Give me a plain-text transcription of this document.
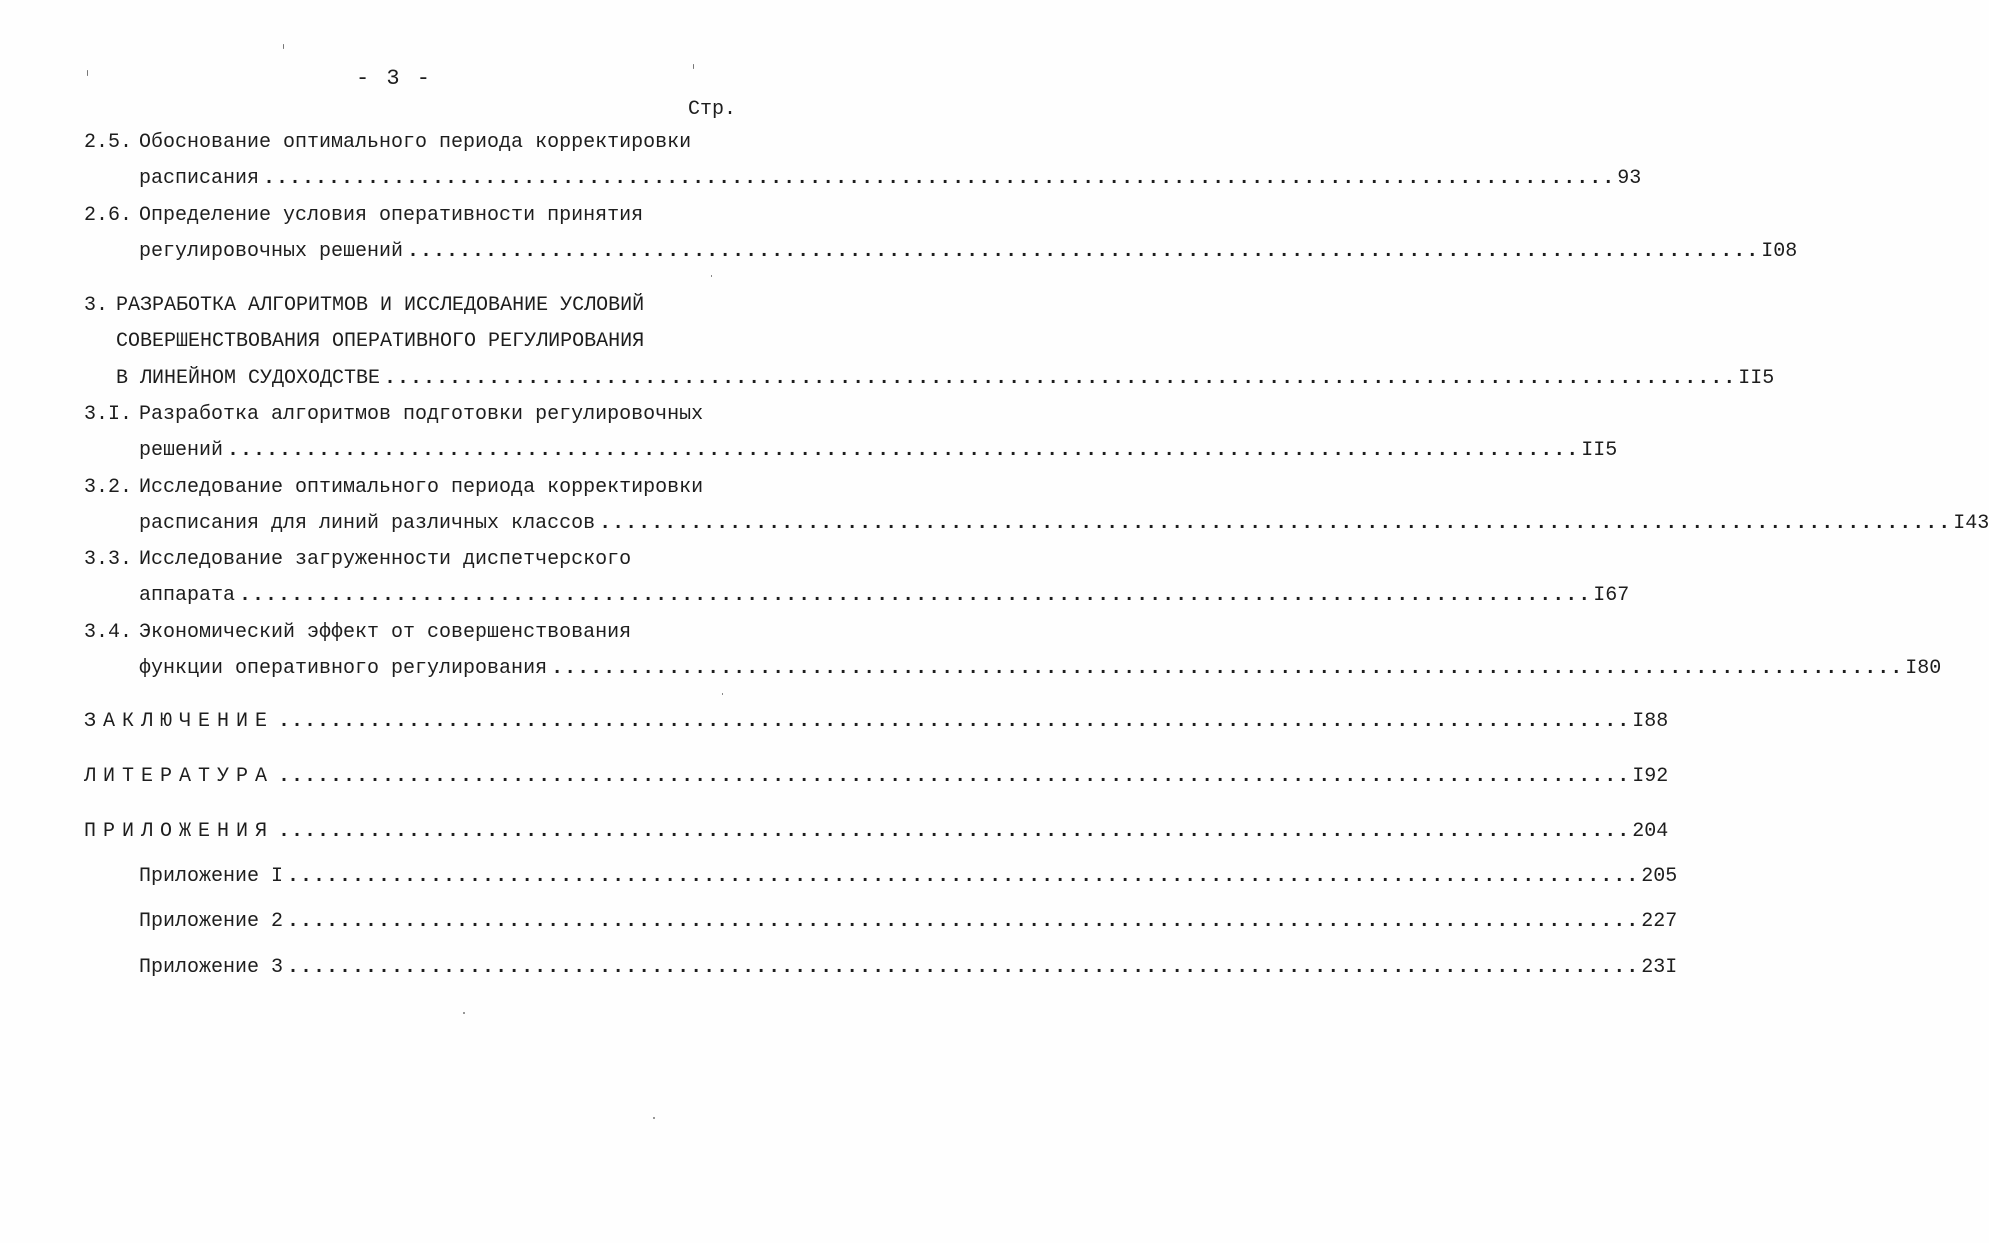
- 3 -
Стр.
2.5. Обоснование оптимального периода корректировки
расписания ........................................................................................................ 93
2.6. Определение условия оперативности принятия
регулировочных решений ........................................................................................................ I08
3. РАЗРАБОТКА АЛГОРИТМОВ И ИССЛЕДОВАНИЕ УСЛОВИЙ
СОВЕРШЕНСТВОВАНИЯ ОПЕРАТИВНОГО РЕГУЛИРОВАНИЯ
В ЛИНЕЙНОМ СУДОХОДСТВЕ ........................................................................................................ II5
3.I. Разработка алгоритмов подготовки регулировочных
решений ........................................................................................................ II5
3.2. Исследование оптимального периода корректировки
расписания для линий различных классов ........................................................................................................ I43
3.3. Исследование загруженности диспетчерского
аппарата ........................................................................................................ I67
3.4. Экономический эффект от совершенствования
функции оперативного регулирования ........................................................................................................ I80
ЗАКЛЮЧЕНИЕ ........................................................................................................ I88
ЛИТЕРАТУРА ........................................................................................................ I92
ПРИЛОЖЕНИЯ ........................................................................................................ 204
Приложение I ........................................................................................................ 205
Приложение 2 ........................................................................................................ 227
Приложение 3 ........................................................................................................ 23I
